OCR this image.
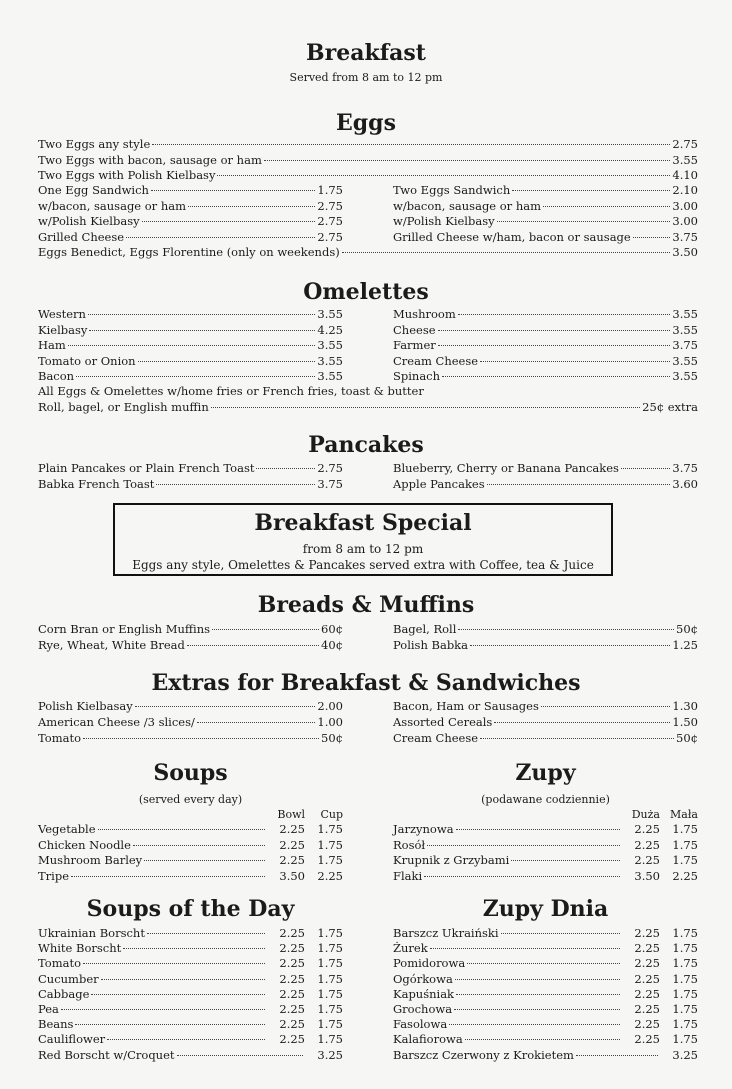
Breakfast
Served from 8 am to 12 pm
Eggs
Two Eggs any style	2.75
Two Eggs with bacon, sausage or ham	3.55
Two Eggs with Polish Kielbasy	4.10
One Egg Sandwich	1.75
w/bacon, sausage or ham	2.75
w/Polish Kielbasy	2.75
Grilled Cheese	2.75
Two Eggs Sandwich	2.10
w/bacon, sausage or ham	3.00
w/Polish Kielbasy	3.00
Grilled Cheese w/ham, bacon or sausage	3.75
Eggs Benedict, Eggs Florentine (only on weekends)	3.50
Omelettes
Western	3.55
Kielbasy	4.25
Ham	3.55
Tomato or Onion	3.55
Bacon	3.55
Mushroom	3.55
Cheese	3.55
Farmer	3.75
Cream Cheese	3.55
Spinach	3.55
All Eggs & Omelettes w/home fries or French fries, toast & butter
Roll, bagel, or English muffin	25¢ extra
Pancakes
Plain Pancakes or Plain French Toast	2.75
Babka French Toast	3.75
Blueberry, Cherry or Banana Pancakes	3.75
Apple Pancakes	3.60
Breakfast Special
from 8 am to 12 pm
Eggs any style, Omelettes & Pancakes served extra with Coffee, tea & Juice
Breads & Muffins
Corn Bran or English Muffins	60¢
Rye, Wheat, White Bread	40¢
Bagel, Roll	50¢
Polish Babka	1.25
Extras for Breakfast & Sandwiches
Polish Kielbasay	2.00
American Cheese /3 slices/	1.00
Tomato	50¢
Bacon, Ham or Sausages	1.30
Assorted Cereals	1.50
Cream Cheese	50¢
Soups
(served every day)
Bowl	Cup
Vegetable	2.25	1.75
Chicken Noodle	2.25	1.75
Mushroom Barley	2.25	1.75
Tripe	3.50	2.25
Zupy
(podawane codziennie)
Duża Mała
Jarzynowa	2.25	1.75
Rosół	2.25	1.75
Krupnik z Grzybami	2.25	1.75
Flaki	3.50	2.25
Soups of the Day
Ukrainian Borscht	2.25	1.75
White Borscht	2.25	1.75
Tomato	2.25	1.75
Cucumber	2.25	1.75
Cabbage	2.25	1.75
Pea	2.25	1.75
Beans	2.25	1.75
Cauliflower	2.25	1.75
Red Borscht w/Croquet	3.25
Zupy Dnia
Barszcz Ukraiński	2.25	1.75
Żurek	2.25	1.75
Pomidorowa	2.25	1.75
Ogórkowa	2.25	1.75
Kapuśniak	2.25	1.75
Grochowa	2.25	1.75
Fasolowa	2.25	1.75
Kalafiorowa	2.25	1.75
Barszcz Czerwony z Krokietem	3.25
